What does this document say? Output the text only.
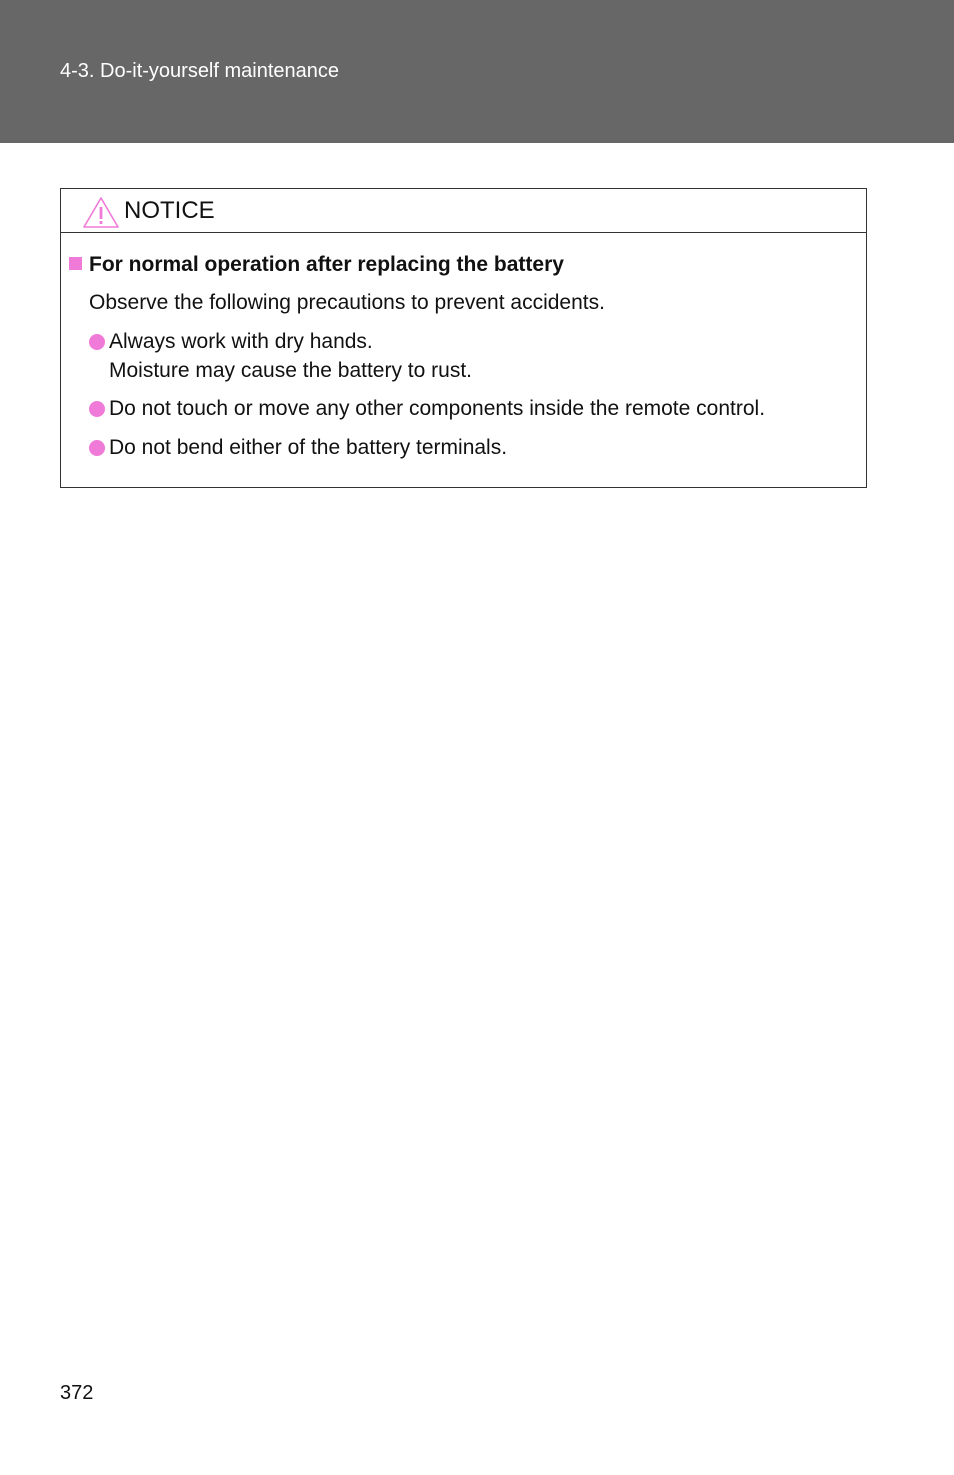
4-3. Do-it-yourself maintenance
NOTICE
For normal operation after replacing the battery
Observe the following precautions to prevent accidents.
Always work with dry hands.
Moisture may cause the battery to rust.
Do not touch or move any other components inside the remote control.
Do not bend either of the battery terminals.
372
